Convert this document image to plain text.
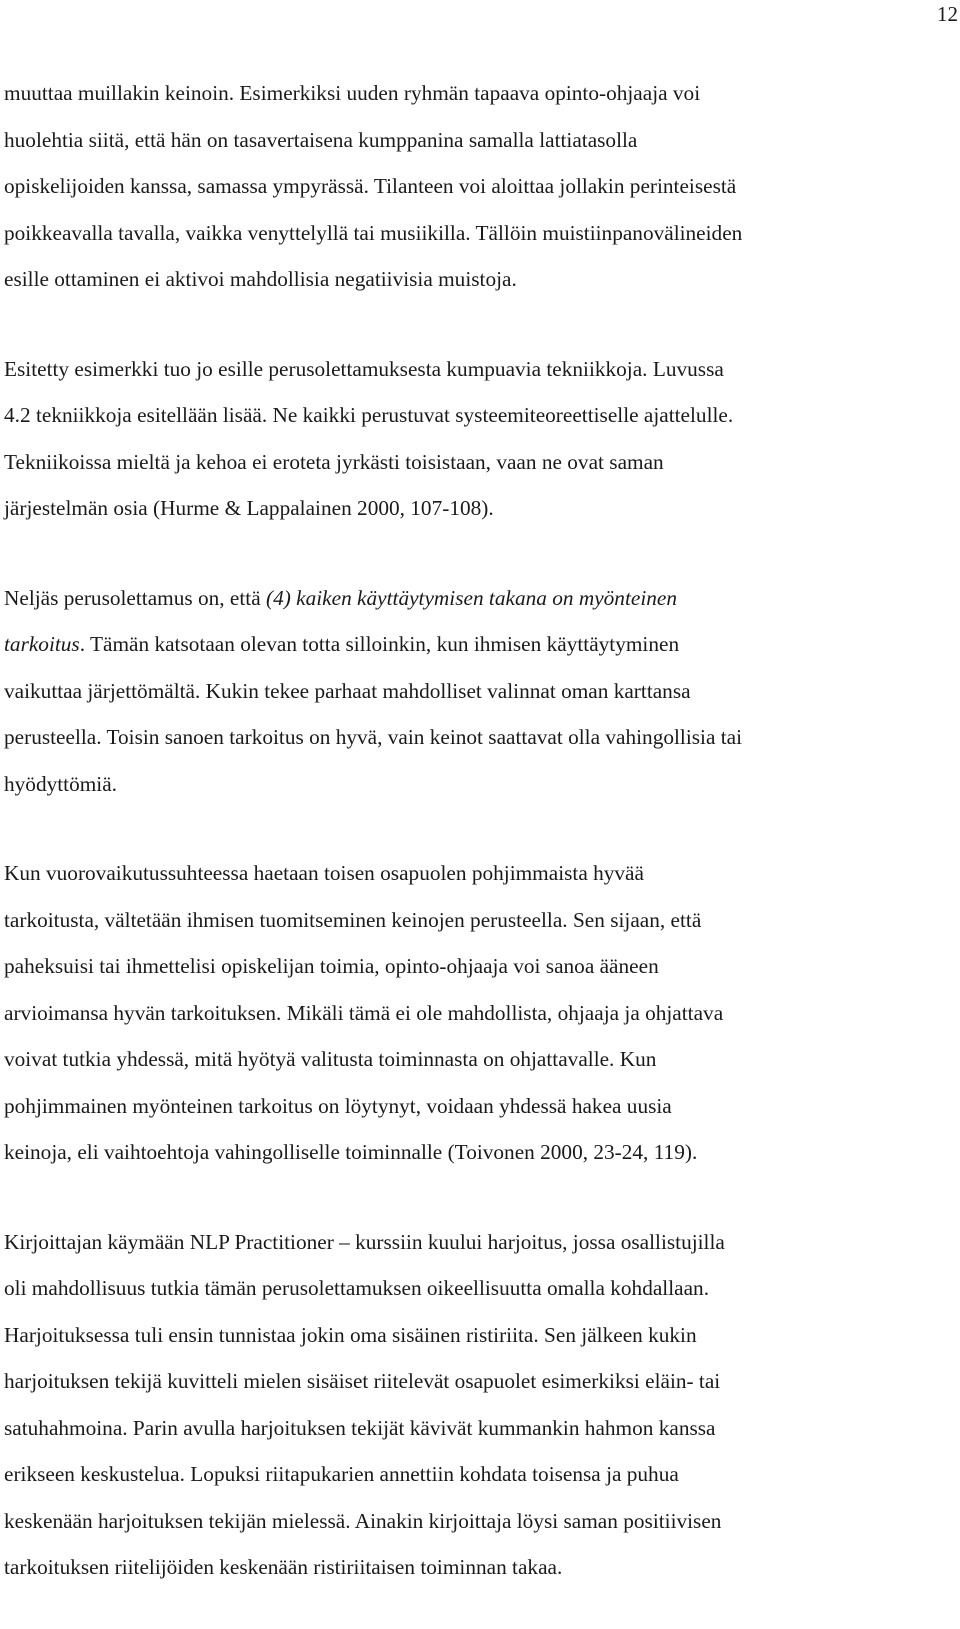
12

muuttaa muillakin keinoin. Esimerkiksi uuden ryhmän tapaava opinto-ohjaaja voi
huolehtia siitä, että hän on tasavertaisena kumppanina samalla lattiatasolla
opiskelijoiden kanssa, samassa ympyrässä. Tilanteen voi aloittaa jollakin perinteisestä
poikkeavalla tavalla, vaikka venyttelyllä tai musiikilla. Tällöin muistiinpanovälineiden
esille ottaminen ei aktivoi mahdollisia negatiivisia muistoja.

Esitetty esimerkki tuo jo esille perusolettamuksesta kumpuavia tekniikkoja. Luvussa
4.2 tekniikkoja esitellään lisää. Ne kaikki perustuvat systeemiteoreettiselle ajattelulle.
Tekniikoissa mieltä ja kehoa ei eroteta jyrkästi toisistaan, vaan ne ovat saman
järjestelmän osia (Hurme & Lappalainen 2000, 107-108).

Neljäs perusolettamus on, että (4) kaiken käyttäytymisen takana on myönteinen
tarkoitus. Tämän katsotaan olevan totta silloinkin, kun ihmisen käyttäytyminen
vaikuttaa järjettömältä. Kukin tekee parhaat mahdolliset valinnat oman karttansa
perusteella. Toisin sanoen tarkoitus on hyvä, vain keinot saattavat olla vahingollisia tai
hyödyttömiä.

Kun vuorovaikutussuhteessa haetaan toisen osapuolen pohjimmaista hyvää
tarkoitusta, vältetään ihmisen tuomitseminen keinojen perusteella. Sen sijaan, että
paheksuisi tai ihmettelisi opiskelijan toimia, opinto-ohjaaja voi sanoa ääneen
arvioimansa hyvän tarkoituksen. Mikäli tämä ei ole mahdollista, ohjaaja ja ohjattava
voivat tutkia yhdessä, mitä hyötyä valitusta toiminnasta on ohjattavalle. Kun
pohjimmainen myönteinen tarkoitus on löytynyt, voidaan yhdessä hakea uusia
keinoja, eli vaihtoehtoja vahingolliselle toiminnalle (Toivonen 2000, 23-24, 119).

Kirjoittajan käymään NLP Practitioner – kurssiin kuului harjoitus, jossa osallistujilla
oli mahdollisuus tutkia tämän perusolettamuksen oikeellisuutta omalla kohdallaan.
Harjoituksessa tuli ensin tunnistaa jokin oma sisäinen ristiriita. Sen jälkeen kukin
harjoituksen tekijä kuvitteli mielen sisäiset riitelevät osapuolet esimerkiksi eläin- tai
satuhahmoina. Parin avulla harjoituksen tekijät kävivät kummankin hahmon kanssa
erikseen keskustelua. Lopuksi riitapukarien annettiin kohdata toisensa ja puhua
keskenään harjoituksen tekijän mielessä. Ainakin kirjoittaja löysi saman positiivisen
tarkoituksen riitelijöiden keskenään ristiriitaisen toiminnan takaa.
